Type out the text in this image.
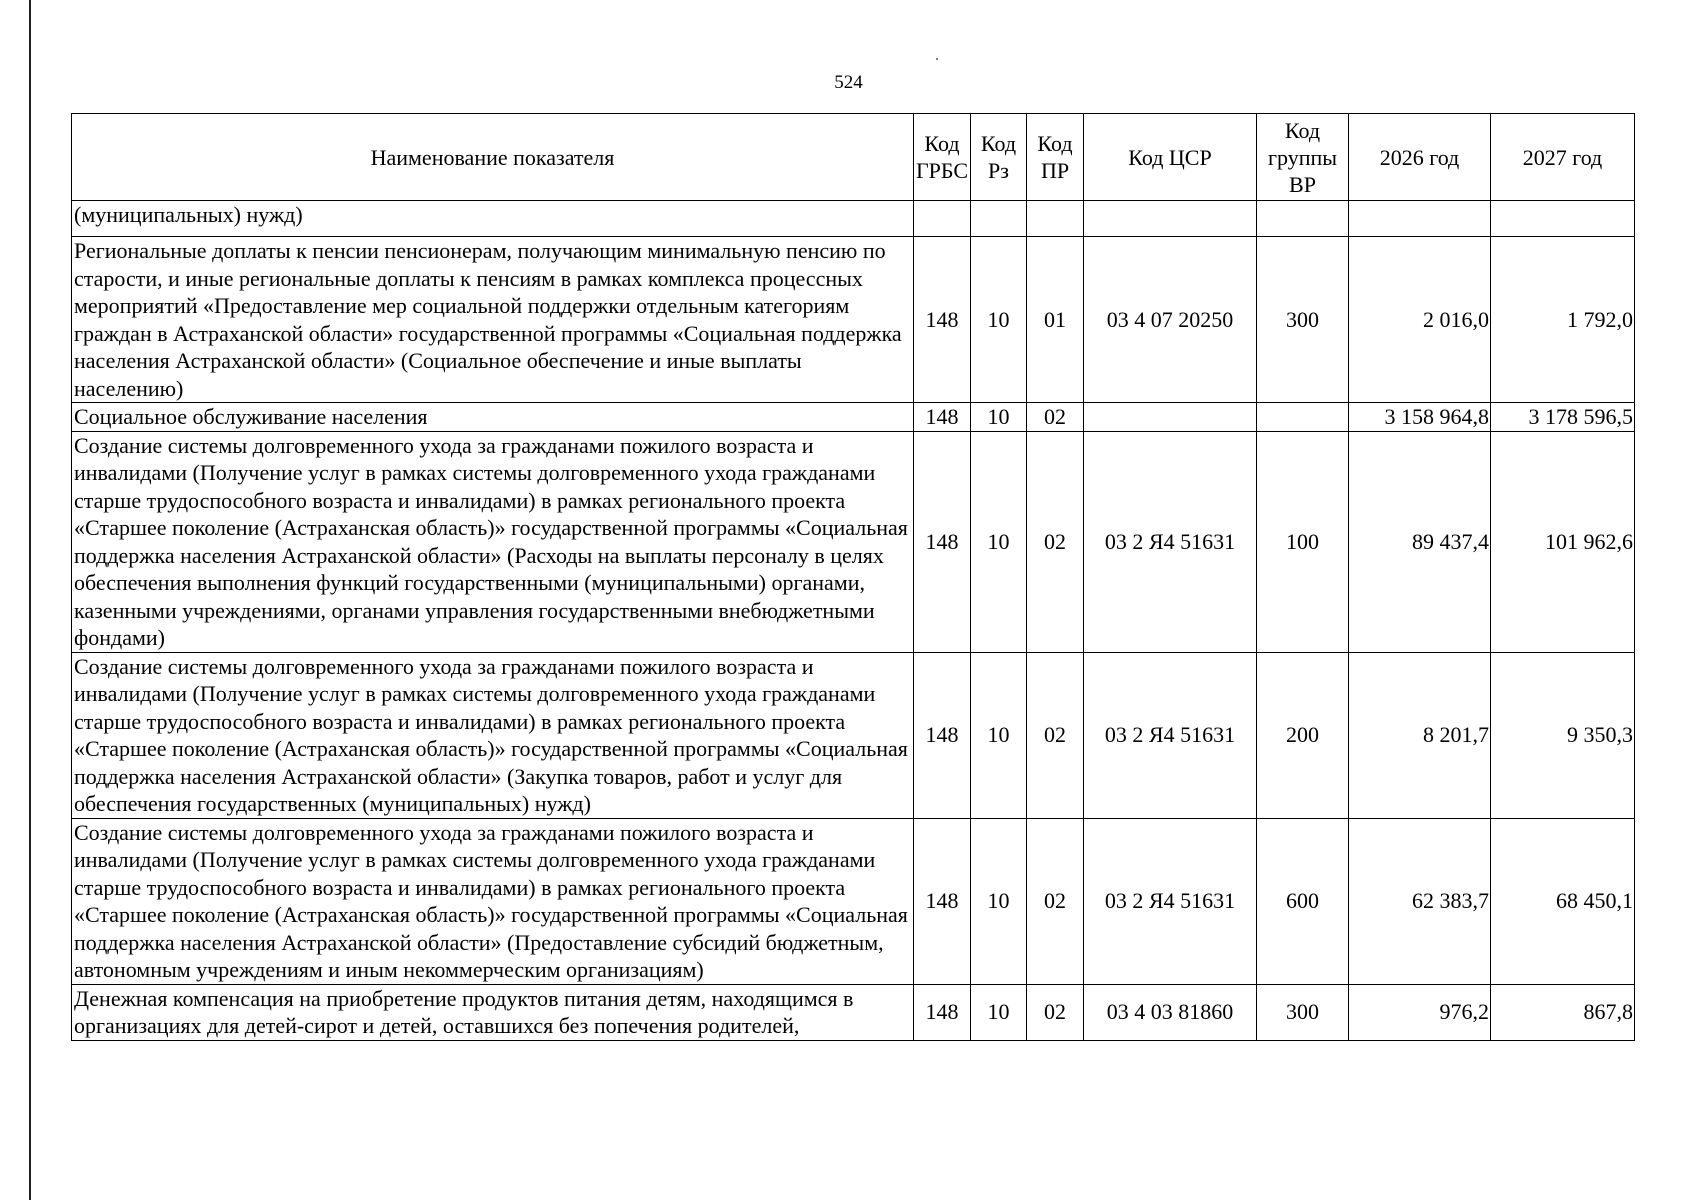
524
Наименование показателя	Код ГРБС	Код Рз	Код ПР	Код ЦСР	Код группы ВР	2026 год	2027 год
(муниципальных) нужд)							
Региональные доплаты к пенсии пенсионерам, получающим минимальную пенсию по старости, и иные региональные доплаты к пенсиям в рамках комплекса процессных мероприятий «Предоставление мер социальной поддержки отдельным категориям граждан в Астраханской области» государственной программы «Социальная поддержка населения Астраханской области» (Социальное обеспечение и иные выплаты населению)	148	10	01	03 4 07 20250	300	2 016,0	1 792,0
Социальное обслуживание населения	148	10	02			3 158 964,8	3 178 596,5
Создание системы долговременного ухода за гражданами пожилого возраста и инвалидами (Получение услуг в рамках системы долговременного ухода гражданами старше трудоспособного возраста и инвалидами) в рамках регионального проекта «Старшее поколение (Астраханская область)» государственной программы «Социальная поддержка населения Астраханской области» (Расходы на выплаты персоналу в целях обеспечения выполнения функций государственными (муниципальными) органами, казенными учреждениями, органами управления государственными внебюджетными фондами)	148	10	02	03 2 Я4 51631	100	89 437,4	101 962,6
Создание системы долговременного ухода за гражданами пожилого возраста и инвалидами (Получение услуг в рамках системы долговременного ухода гражданами старше трудоспособного возраста и инвалидами) в рамках регионального проекта «Старшее поколение (Астраханская область)» государственной программы «Социальная поддержка населения Астраханской области» (Закупка товаров, работ и услуг для обеспечения государственных (муниципальных) нужд)	148	10	02	03 2 Я4 51631	200	8 201,7	9 350,3
Создание системы долговременного ухода за гражданами пожилого возраста и инвалидами (Получение услуг в рамках системы долговременного ухода гражданами старше трудоспособного возраста и инвалидами) в рамках регионального проекта «Старшее поколение (Астраханская область)» государственной программы «Социальная поддержка населения Астраханской области» (Предоставление субсидий бюджетным, автономным учреждениям и иным некоммерческим организациям)	148	10	02	03 2 Я4 51631	600	62 383,7	68 450,1
Денежная компенсация на приобретение продуктов питания детям, находящимся в организациях для детей-сирот и детей, оставшихся без попечения родителей,	148	10	02	03 4 03 81860	300	976,2	867,8
